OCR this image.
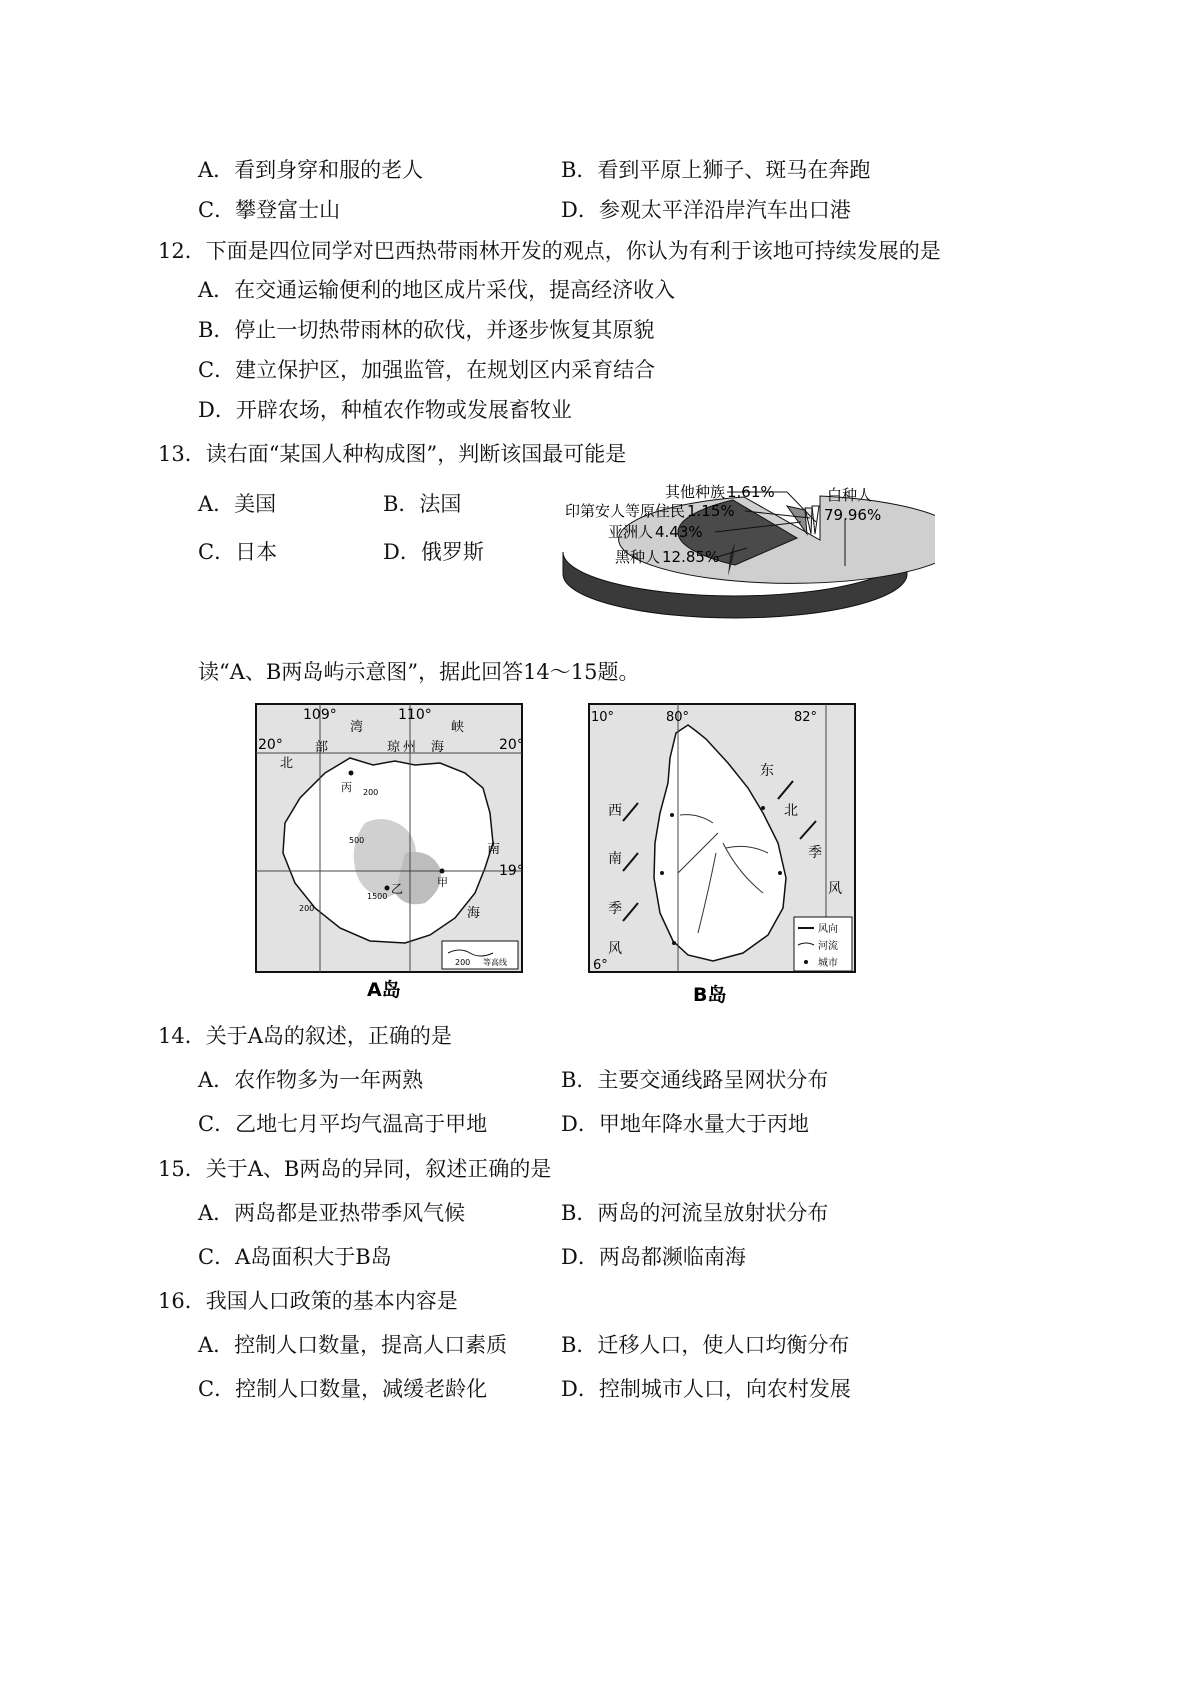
A．看到身穿和服的老人	B．看到平原上狮子、斑马在奔跑
C．攀登富士山	D．参观太平洋沿岸汽车出口港
12．下面是四位同学对巴西热带雨林开发的观点，你认为有利于该地可持续发展的是
A．在交通运输便利的地区成片采伐，提高经济收入
B．停止一切热带雨林的砍伐，并逐步恢复其原貌
C．建立保护区，加强监管，在规划区内采育结合
D．开辟农场，种植农作物或发展畜牧业
13．读右面“某国人种构成图”，判断该国最可能是
A．美国	B．法国
C．日本	D．俄罗斯
其他种族 1.61%
印第安人等原住民 1.15%
亚洲人 4.43%
黑种人 12.85%
白种人
79.96%
读“A、B两岛屿示意图”，据此回答14～15题。
109°	110°
20°	20°
19°
湾
部
北
琼 州 海
峡
南
海
丙
乙	甲
200
500
1500
200
200 等高线
A岛
10°
6°
80°	82°
西
南
季
风
东
北
季
风
风向
河流
城市
B岛
14．关于A岛的叙述，正确的是
A．农作物多为一年两熟	B．主要交通线路呈网状分布
C．乙地七月平均气温高于甲地	D．甲地年降水量大于丙地
15．关于A、B两岛的异同，叙述正确的是
A．两岛都是亚热带季风气候	B．两岛的河流呈放射状分布
C．A岛面积大于B岛	D．两岛都濒临南海
16．我国人口政策的基本内容是
A．控制人口数量，提高人口素质	B．迁移人口，使人口均衡分布
C．控制人口数量，减缓老龄化	D．控制城市人口，向农村发展
